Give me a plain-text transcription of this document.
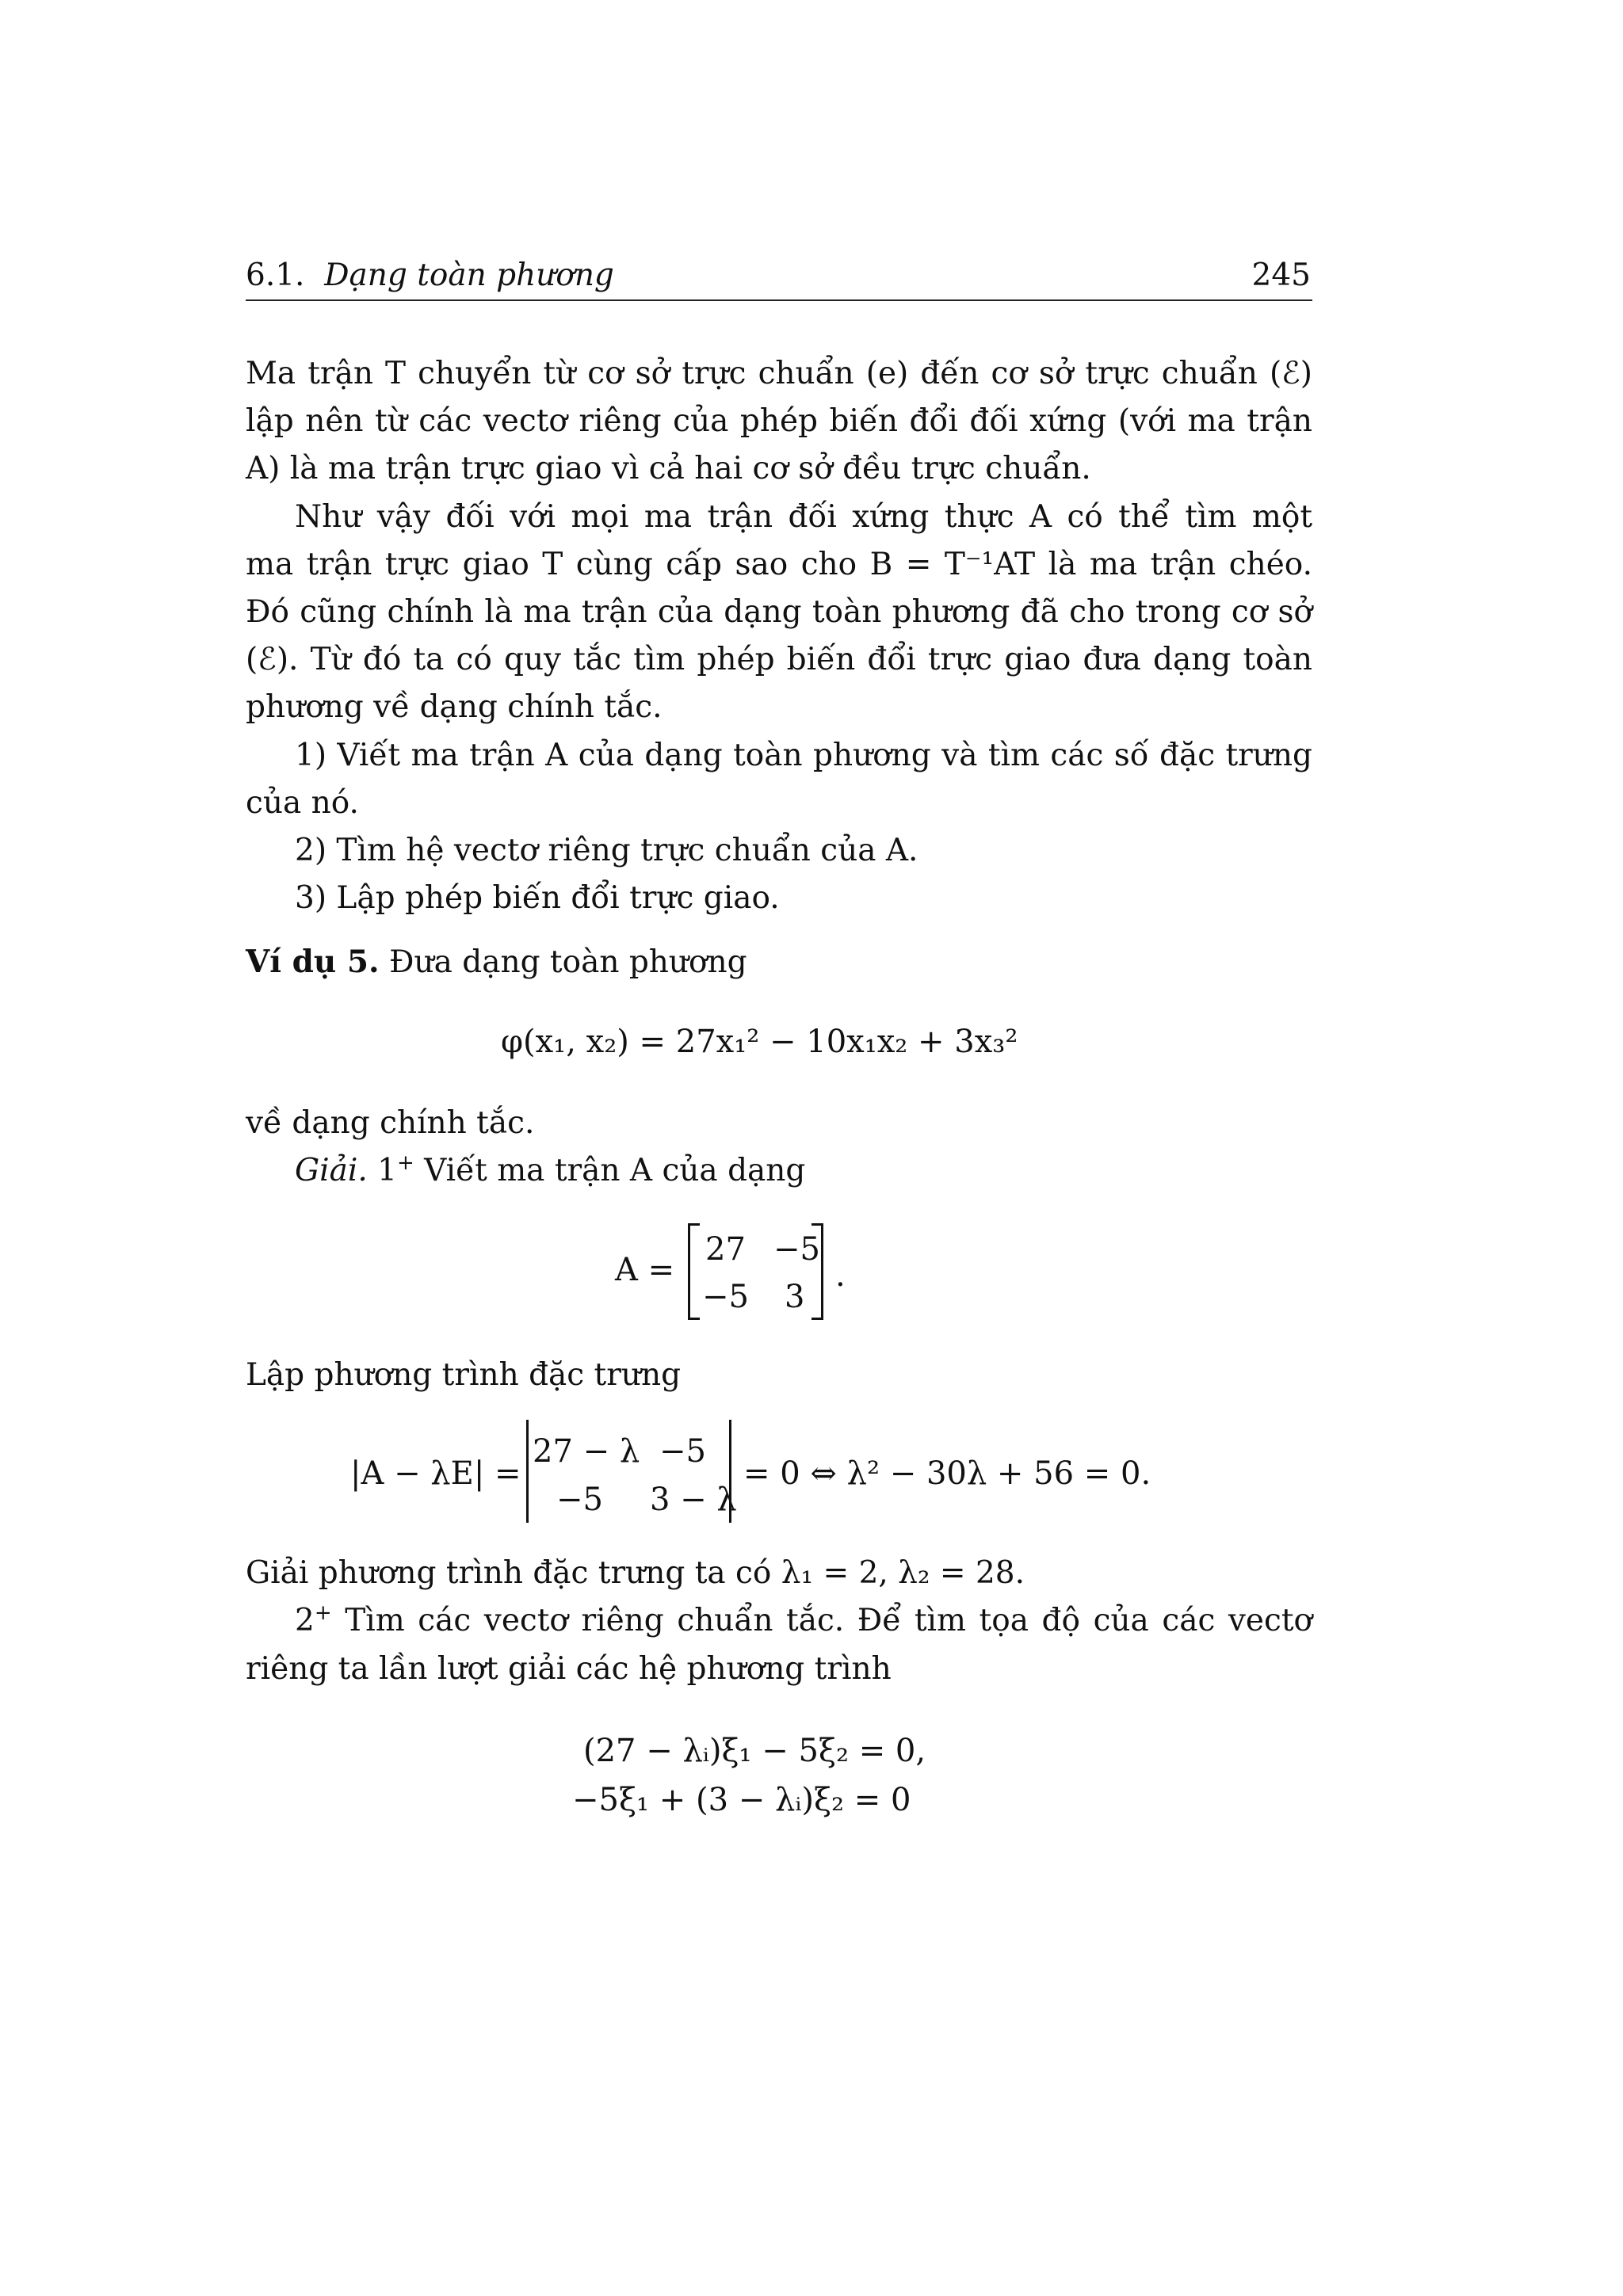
6.1. Dạng toàn phương	245
Ma trận T chuyển từ cơ sở trực chuẩn (e) đến cơ sở trực chuẩn (ℰ)
lập nên từ các vectơ riêng của phép biến đổi đối xứng (với ma trận
A) là ma trận trực giao vì cả hai cơ sở đều trực chuẩn.
Như vậy đối với mọi ma trận đối xứng thực A có thể tìm một
ma trận trực giao T cùng cấp sao cho B = T⁻¹AT là ma trận chéo.
Đó cũng chính là ma trận của dạng toàn phương đã cho trong cơ sở
(ℰ). Từ đó ta có quy tắc tìm phép biến đổi trực giao đưa dạng toàn
phương về dạng chính tắc.
1) Viết ma trận A của dạng toàn phương và tìm các số đặc trưng
của nó.
2) Tìm hệ vectơ riêng trực chuẩn của A.
3) Lập phép biến đổi trực giao.
Ví dụ 5. Đưa dạng toàn phương
φ(x₁, x₂) = 27x₁² − 10x₁x₂ + 3x₃²
về dạng chính tắc.
Giải. 1+ Viết ma trận A của dạng
A =
27 −5
−5 3
.
Lập phương trình đặc trưng
|A − λE| =
27 − λ −5
−5 3 − λ
= 0 ⇔ λ² − 30λ + 56 = 0.
Giải phương trình đặc trưng ta có λ₁ = 2, λ₂ = 28.
2+ Tìm các vectơ riêng chuẩn tắc. Để tìm tọa độ của các vectơ
riêng ta lần lượt giải các hệ phương trình
(27 − λᵢ)ξ₁ − 5ξ₂ = 0,
−5ξ₁ + (3 − λᵢ)ξ₂ = 0
